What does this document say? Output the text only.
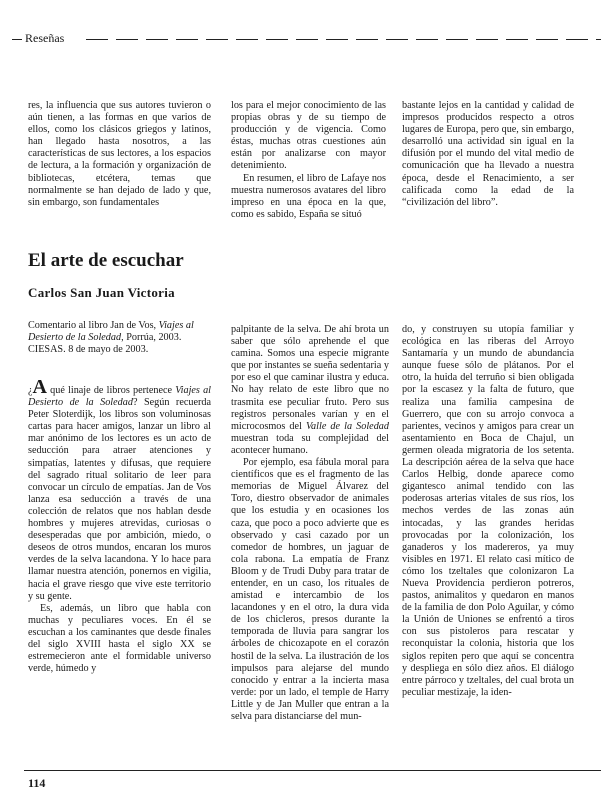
Reseñas

res, la influencia que sus autores tuvieron o aún tienen, a las formas en que varios de ellos, como los clásicos griegos y latinos, han llegado hasta nosotros, a las características de sus lectores, a los espacios de lectura, a la formación y organización de bibliotecas, etcétera, temas que normalmente se han dejado de lado y que, sin embargo, son fundamentales

los para el mejor conocimiento de las propias obras y de su tiempo de producción y de vigencia. Como éstas, muchas otras cuestiones aún están por analizarse con mayor detenimiento.

En resumen, el libro de Lafaye nos muestra numerosos avatares del libro impreso en una época en la que, como es sabido, España se situó

bastante lejos en la cantidad y calidad de impresos producidos respecto a otros lugares de Europa, pero que, sin embargo, desarrolló una actividad sin igual en la difusión por el mundo del vital medio de comunicación que ha llevado a nuestra época, desde el Renacimiento, a ser calificada como la edad de la “civilización del libro”.

El arte de escuchar
Carlos San Juan Victoria

Comentario al libro Jan de Vos, Viajes al Desierto de la Soledad, Porrúa, 2003. CIESAS. 8 de mayo de 2003.

¿A qué linaje de libros pertenece Viajes al Desierto de la Soledad? Según recuerda Peter Sloterdijk, los libros son voluminosas cartas para hacer amigos, lanzar un libro al mar anónimo de los lectores es un acto de seducción para atraer atenciones y simpatías, latentes y difusas, que requiere del sagrado ritual solitario de leer para convocar un círculo de empatías. Jan de Vos lanza esa seducción a través de una colección de relatos que nos hablan desde hombres y mujeres atrevidas, curiosas o desesperadas que por ambición, miedo, o deseos de otros mundos, encaran los muros verdes de la selva lacandona. Y lo hace para llamar nuestra atención, ponernos en vigilia, hacia el grave riesgo que vive este territorio y su gente.

Es, además, un libro que habla con muchas y peculiares voces. En él se escuchan a los caminantes que desde finales del siglo XVIII hasta el siglo XX se estremecieron ante el formidable universo verde, húmedo y

palpitante de la selva. De ahí brota un saber que sólo aprehende el que camina. Somos una especie migrante que por instantes se sueña sedentaria y por eso el que caminar ilustra y educa. No hay relato de este libro que no trasmita ese peculiar fruto. Pero sus registros personales varían y en el microcosmos del Valle de la Soledad muestran toda su complejidad del acontecer humano.

Por ejemplo, esa fábula moral para científicos que es el fragmento de las memorias de Miguel Álvarez del Toro, diestro observador de animales que los estudia y en ocasiones los caza, que poco a poco advierte que es observado y casi cazado por un comedor de hombres, un jaguar de cola rabona. La empatía de Franz Bloom y de Trudi Duby para tratar de entender, en un caso, los rituales de amistad e intercambio de los lacandones y en el otro, la dura vida de los chicleros, presos durante la temporada de lluvia para sangrar los árboles de chicozapote en el corazón hostil de la selva. La ilustración de los impulsos para alejarse del mundo conocido y entrar a la incierta masa verde: por un lado, el temple de Harry Little y de Jan Muller que entran a la selva para distanciarse del mun-

do, y construyen su utopía familiar y ecológica en las riberas del Arroyo Santamaría y un mundo de abundancia aunque fuese sólo de plátanos. Por el otro, la huida del terruño si bien obligada por la escasez y la falta de futuro, que realiza una familia campesina de Guerrero, que con su arrojo convoca a parientes, vecinos y amigos para crear un asentamiento en Boca de Chajul, un germen oleada migratoria de los setenta. La descripción aérea de la selva que hace Carlos Helbig, donde aparece como gigantesco animal tendido con las poderosas arterias vitales de sus ríos, los mechos verdes de las zonas aún intocadas, y las grandes heridas provocadas por la colonización, los ganaderos y los madereros, ya muy visibles en 1971. El relato casi mítico de cómo los tzeltales que colonizaron La Nueva Providencia perdieron potreros, pastos, animalitos y quedaron en manos de la familia de don Polo Aguilar, y cómo la Unión de Uniones se enfrentó a tiros con sus pistoleros para rescatar y reconquistar la colonia, historia que los siglos repiten pero que aquí se concentra y despliega en sólo diez años. El diálogo entre párroco y tzeltales, del cual brota un peculiar mestizaje, la iden-

114
